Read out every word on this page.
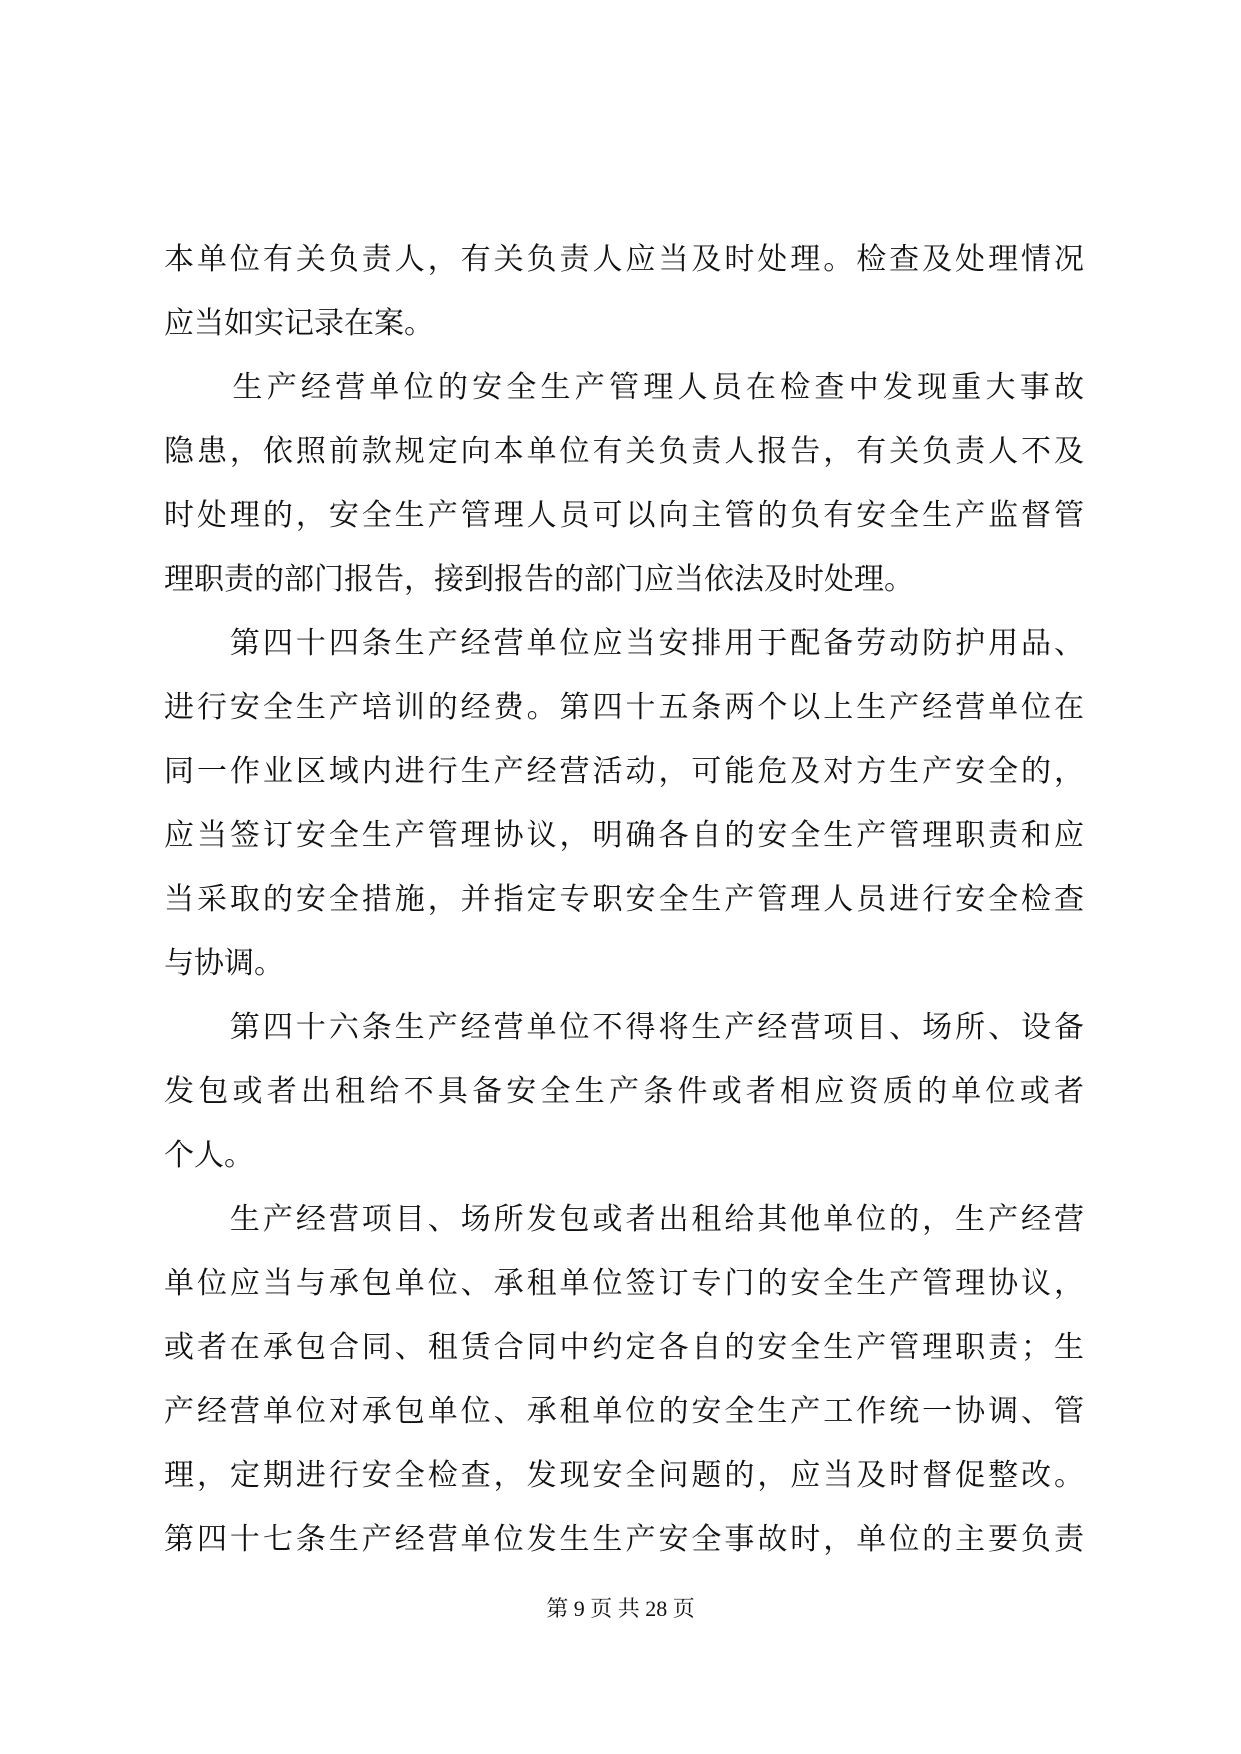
本单位有关负责人，有关负责人应当及时处理。检查及处理情况
应当如实记录在案。
　　生产经营单位的安全生产管理人员在检查中发现重大事故
隐患，依照前款规定向本单位有关负责人报告，有关负责人不及
时处理的，安全生产管理人员可以向主管的负有安全生产监督管
理职责的部门报告，接到报告的部门应当依法及时处理。
　　第四十四条生产经营单位应当安排用于配备劳动防护用品、
进行安全生产培训的经费。第四十五条两个以上生产经营单位在
同一作业区域内进行生产经营活动，可能危及对方生产安全的，
应当签订安全生产管理协议，明确各自的安全生产管理职责和应
当采取的安全措施，并指定专职安全生产管理人员进行安全检查
与协调。
　　第四十六条生产经营单位不得将生产经营项目、场所、设备
发包或者出租给不具备安全生产条件或者相应资质的单位或者
个人。
　　生产经营项目、场所发包或者出租给其他单位的，生产经营
单位应当与承包单位、承租单位签订专门的安全生产管理协议，
或者在承包合同、租赁合同中约定各自的安全生产管理职责；生
产经营单位对承包单位、承租单位的安全生产工作统一协调、管
理，定期进行安全检查，发现安全问题的，应当及时督促整改。
第四十七条生产经营单位发生生产安全事故时，单位的主要负责
第 9 页 共 28 页
